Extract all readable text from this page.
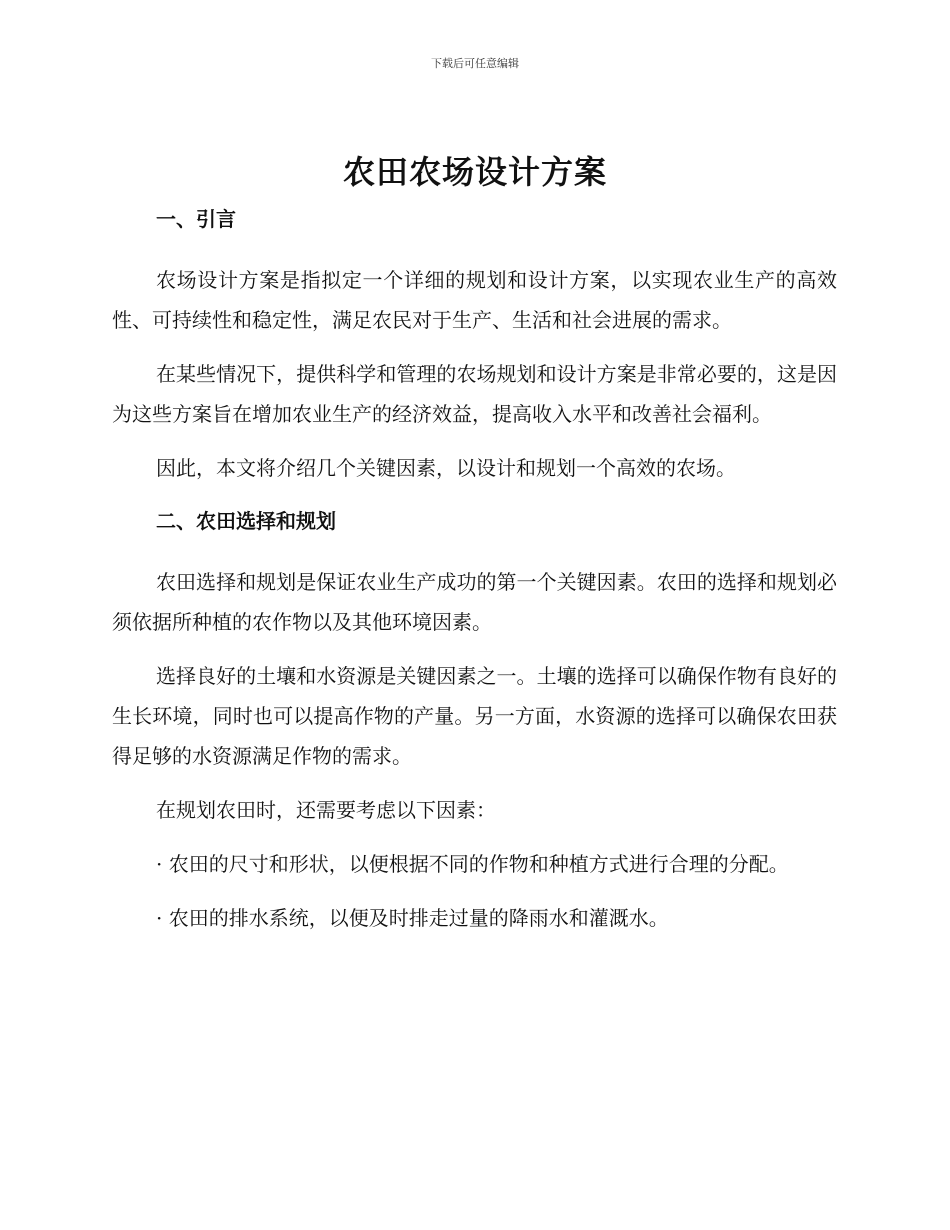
下载后可任意编辑
农田农场设计方案
一、引言

农场设计方案是指拟定一个详细的规划和设计方案，以实现农业生产的高效性、可持续性和稳定性，满足农民对于生产、生活和社会进展的需求。

在某些情况下，提供科学和管理的农场规划和设计方案是非常必要的，这是因为这些方案旨在增加农业生产的经济效益，提高收入水平和改善社会福利。

因此，本文将介绍几个关键因素，以设计和规划一个高效的农场。

二、农田选择和规划

农田选择和规划是保证农业生产成功的第一个关键因素。农田的选择和规划必须依据所种植的农作物以及其他环境因素。

选择良好的土壤和水资源是关键因素之一。土壤的选择可以确保作物有良好的生长环境，同时也可以提高作物的产量。另一方面，水资源的选择可以确保农田获得足够的水资源满足作物的需求。

在规划农田时，还需要考虑以下因素：

· 农田的尺寸和形状，以便根据不同的作物和种植方式进行合理的分配。

· 农田的排水系统，以便及时排走过量的降雨水和灌溉水。
